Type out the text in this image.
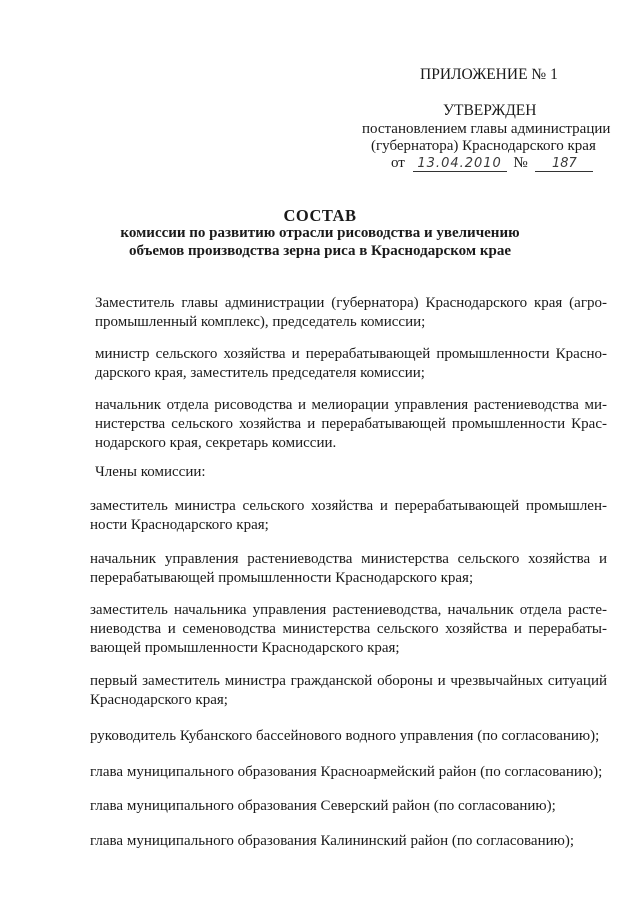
ПРИЛОЖЕНИЕ № 1
УТВЕРЖДЕН
постановлением главы администрации
(губернатора) Краснодарского края
от 13.04.2010 № 187
СОСТАВ
комиссии по развитию отрасли рисоводства и увеличению
объемов производства зерна риса в Краснодарском крае
Заместитель главы администрации (губернатора) Краснодарского края (агро-
промышленный комплекс), председатель комиссии;
министр сельского хозяйства и перерабатывающей промышленности Красно-
дарского края, заместитель председателя комиссии;
начальник отдела рисоводства и мелиорации управления растениеводства ми-
нистерства сельского хозяйства и перерабатывающей промышленности Крас-
нодарского края, секретарь комиссии.
Члены комиссии:
заместитель министра сельского хозяйства и перерабатывающей промышлен-
ности Краснодарского края;
начальник управления растениеводства министерства сельского хозяйства и
перерабатывающей промышленности Краснодарского края;
заместитель начальника управления растениеводства, начальник отдела расте-
ниеводства и семеноводства министерства сельского хозяйства и перерабаты-
вающей промышленности Краснодарского края;
первый заместитель министра гражданской обороны и чрезвычайных ситуаций
Краснодарского края;
руководитель Кубанского бассейнового водного управления (по согласованию);
глава муниципального образования Красноармейский район (по согласованию);
глава муниципального образования Северский район (по согласованию);
глава муниципального образования Калининский район (по согласованию);
